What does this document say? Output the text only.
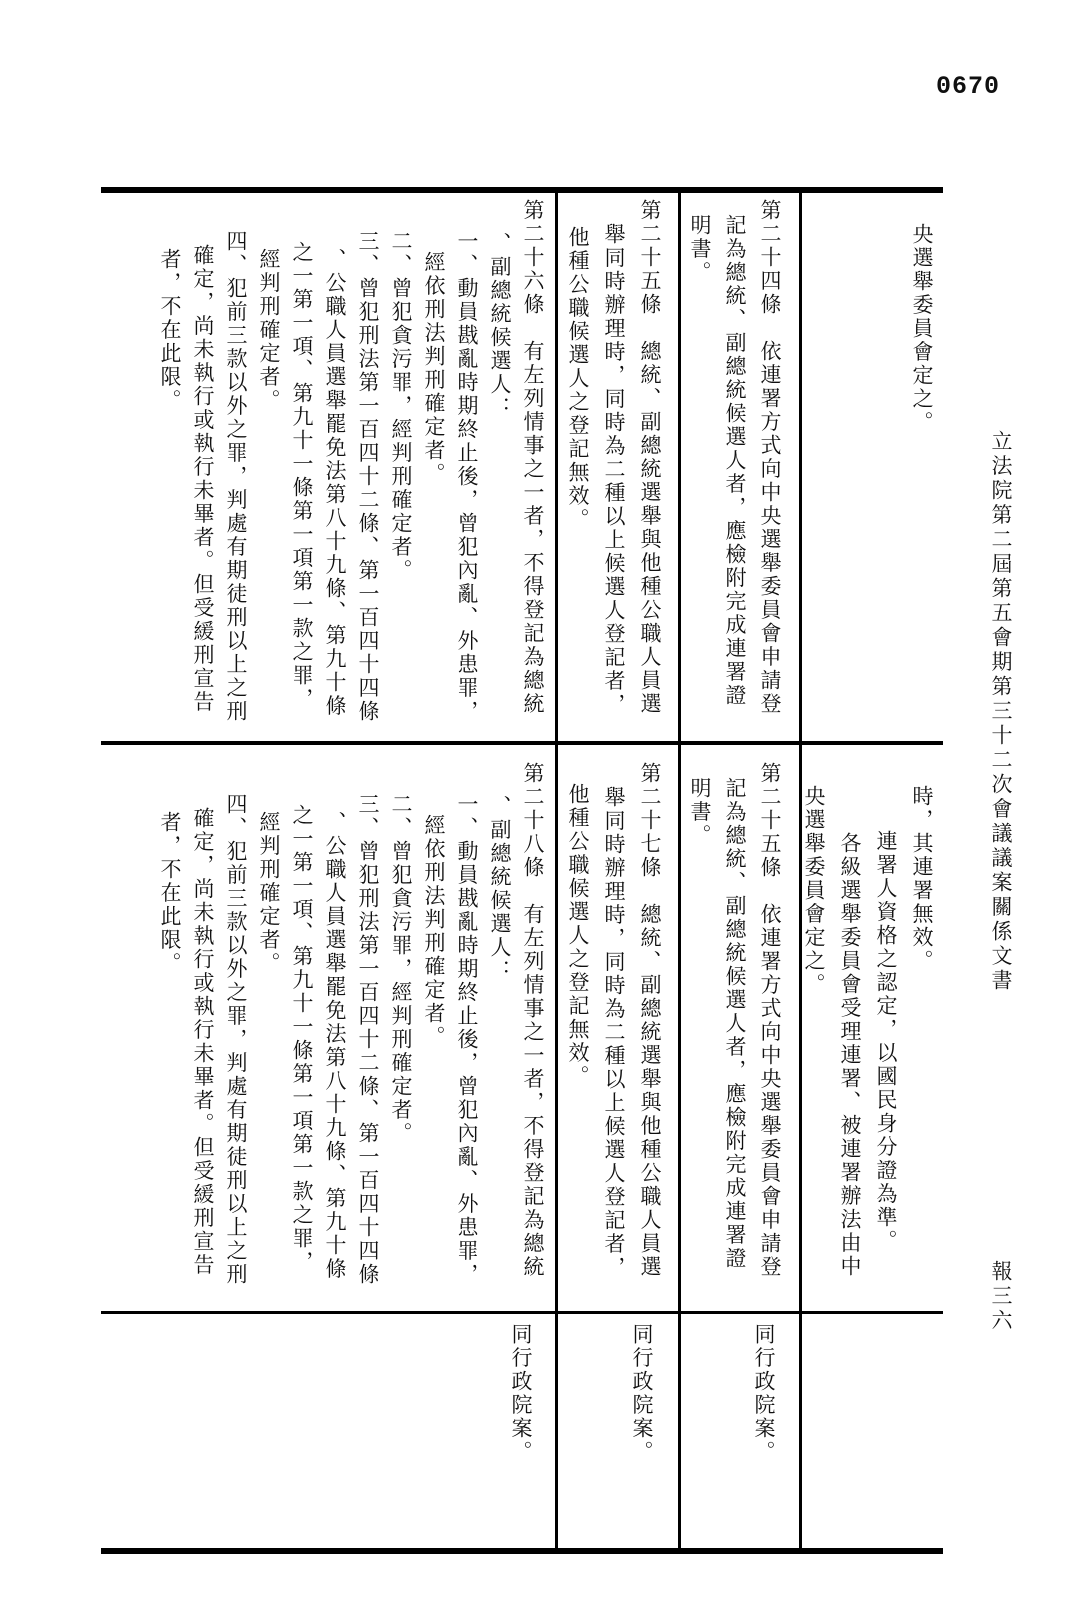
0670
立法院第二屆第五會期第三十二次會議議案關係文書
報三六
央選舉委員會定之。
第二十四條　依連署方式向中央選舉委員會申請登
記為總統、副總統候選人者，應檢附完成連署證
明書。
第二十五條　總統、副總統選舉與他種公職人員選
舉同時辦理時，同時為二種以上候選人登記者，
他種公職候選人之登記無效。
第二十六條　有左列情事之一者，不得登記為總統
、副總統候選人：
一、動員戡亂時期終止後，曾犯內亂、外患罪，
經依刑法判刑確定者。
二、曾犯貪污罪，經判刑確定者。
三、曾犯刑法第一百四十二條、第一百四十四條
、公職人員選舉罷免法第八十九條、第九十條
之一第一項、第九十一條第一項第一款之罪，
經判刑確定者。
四、犯前三款以外之罪，判處有期徒刑以上之刑
確定，尚未執行或執行未畢者。但受緩刑宣告
者，不在此限。
時，其連署無效。
連署人資格之認定，以國民身分證為準。
各級選舉委員會受理連署、被連署辦法由中
央選舉委員會定之。
第二十五條　依連署方式向中央選舉委員會申請登
記為總統、副總統候選人者，應檢附完成連署證
明書。
第二十七條　總統、副總統選舉與他種公職人員選
舉同時辦理時，同時為二種以上候選人登記者，
他種公職候選人之登記無效。
第二十八條　有左列情事之一者，不得登記為總統
、副總統候選人：
一、動員戡亂時期終止後，曾犯內亂、外患罪，
經依刑法判刑確定者。
二、曾犯貪污罪，經判刑確定者。
三、曾犯刑法第一百四十二條、第一百四十四條
、公職人員選舉罷免法第八十九條、第九十條
之一第一項、第九十一條第一項第一款之罪，
經判刑確定者。
四、犯前三款以外之罪，判處有期徒刑以上之刑
確定，尚未執行或執行未畢者。但受緩刑宣告
者，不在此限。
同行政院案。
同行政院案。
同行政院案。
